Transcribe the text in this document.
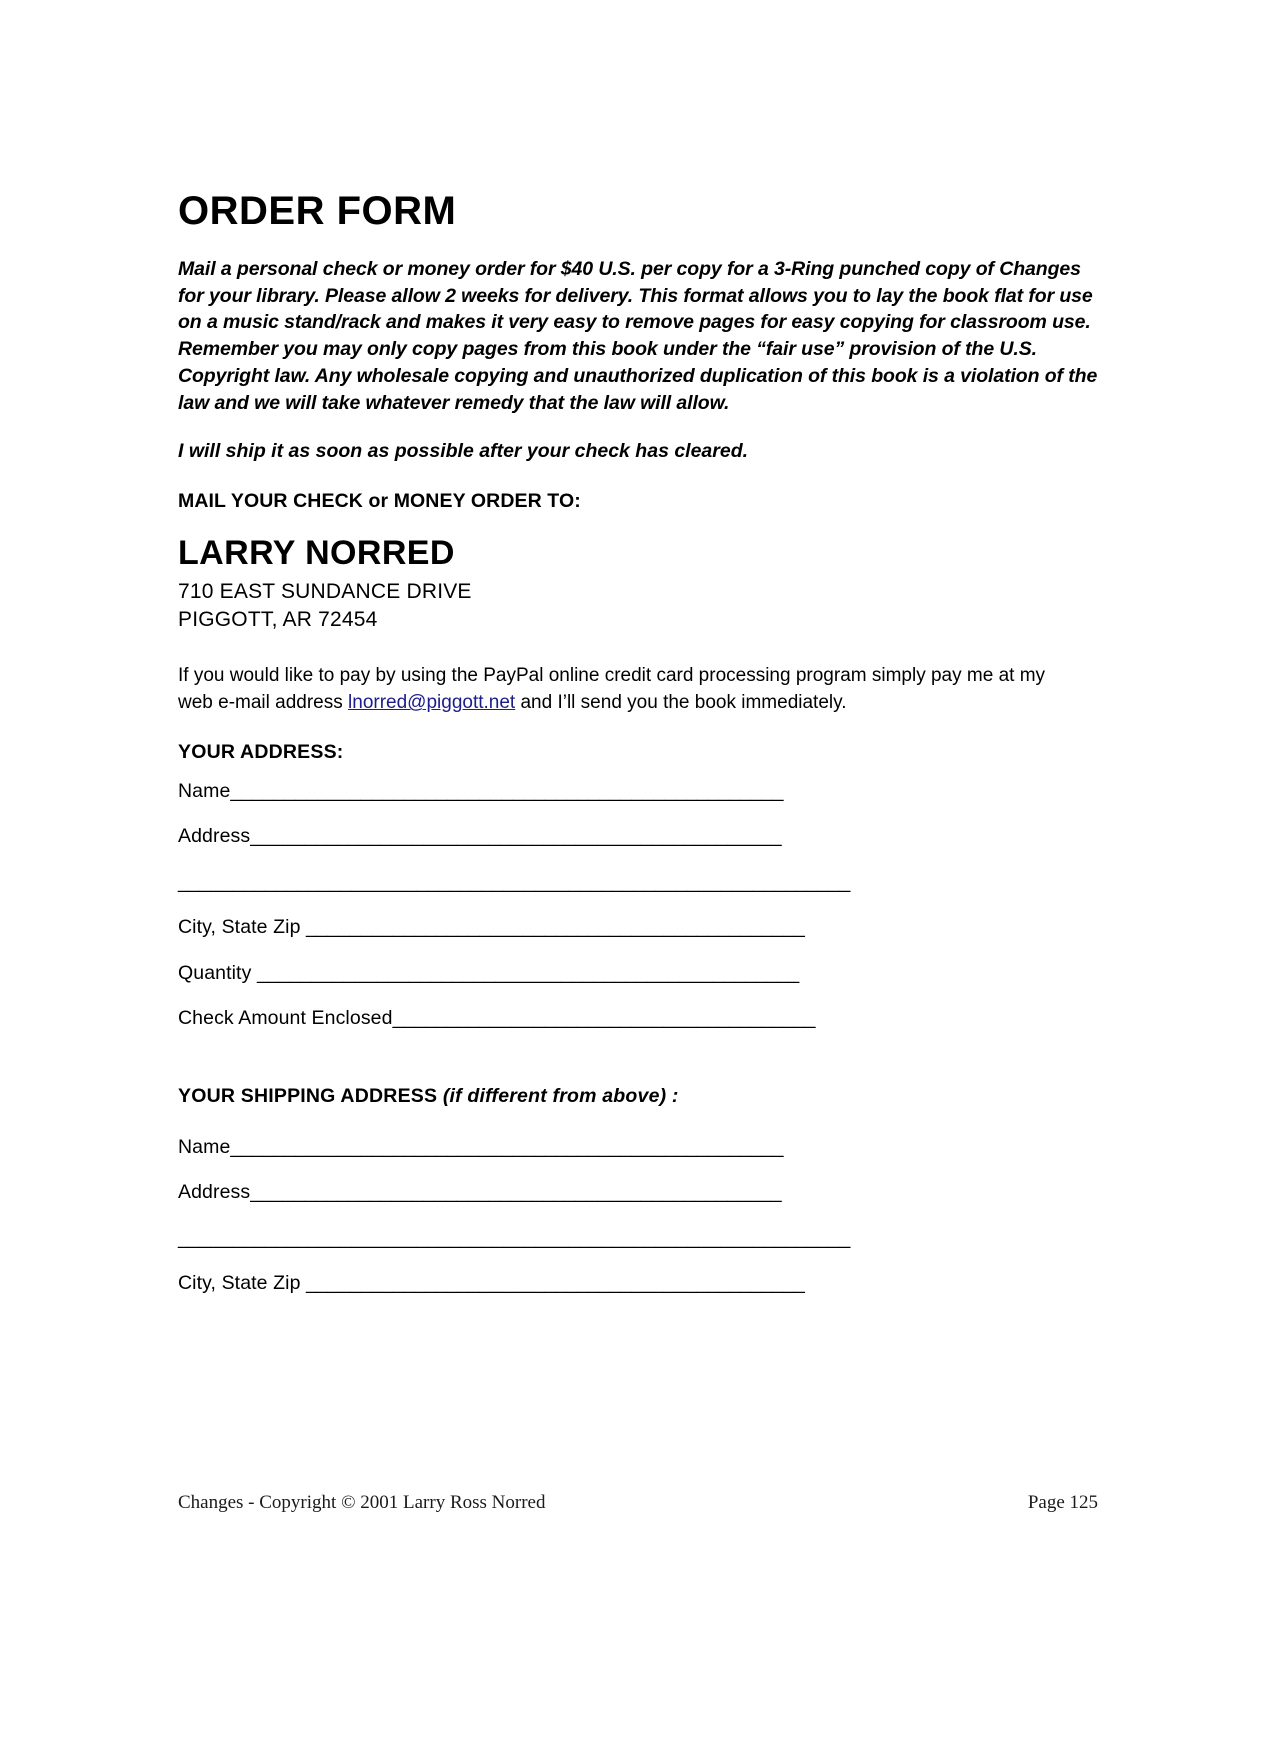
ORDER FORM

Mail a personal check or money order for $40 U.S. per copy for a 3-Ring punched copy of Changes for your library. Please allow 2 weeks for delivery. This format allows you to lay the book flat for use on a music stand/rack and makes it very easy to remove pages for easy copying for classroom use. Remember you may only copy pages from this book under the “fair use” provision of the U.S. Copyright law. Any wholesale copying and unauthorized duplication of this book is a violation of the law and we will take whatever remedy that the law will allow.

I will ship it as soon as possible after your check has cleared.

MAIL YOUR CHECK or MONEY ORDER TO:

LARRY NORRED

710 EAST SUNDANCE DRIVE

PIGGOTT, AR 72454

If you would like to pay by using the PayPal online credit card processing program simply pay me at my web e-mail address lnorred@piggott.net and I’ll send you the book immediately.

YOUR ADDRESS:

Name___________________________________________________
Address_________________________________________________
______________________________________________________________
City, State Zip ______________________________________________
Quantity __________________________________________________
Check Amount Enclosed_______________________________________

YOUR SHIPPING ADDRESS (if different from above) :

Name___________________________________________________
Address_________________________________________________
______________________________________________________________
City, State Zip ______________________________________________
Changes - Copyright © 2001 Larry Ross Norred	Page 125
